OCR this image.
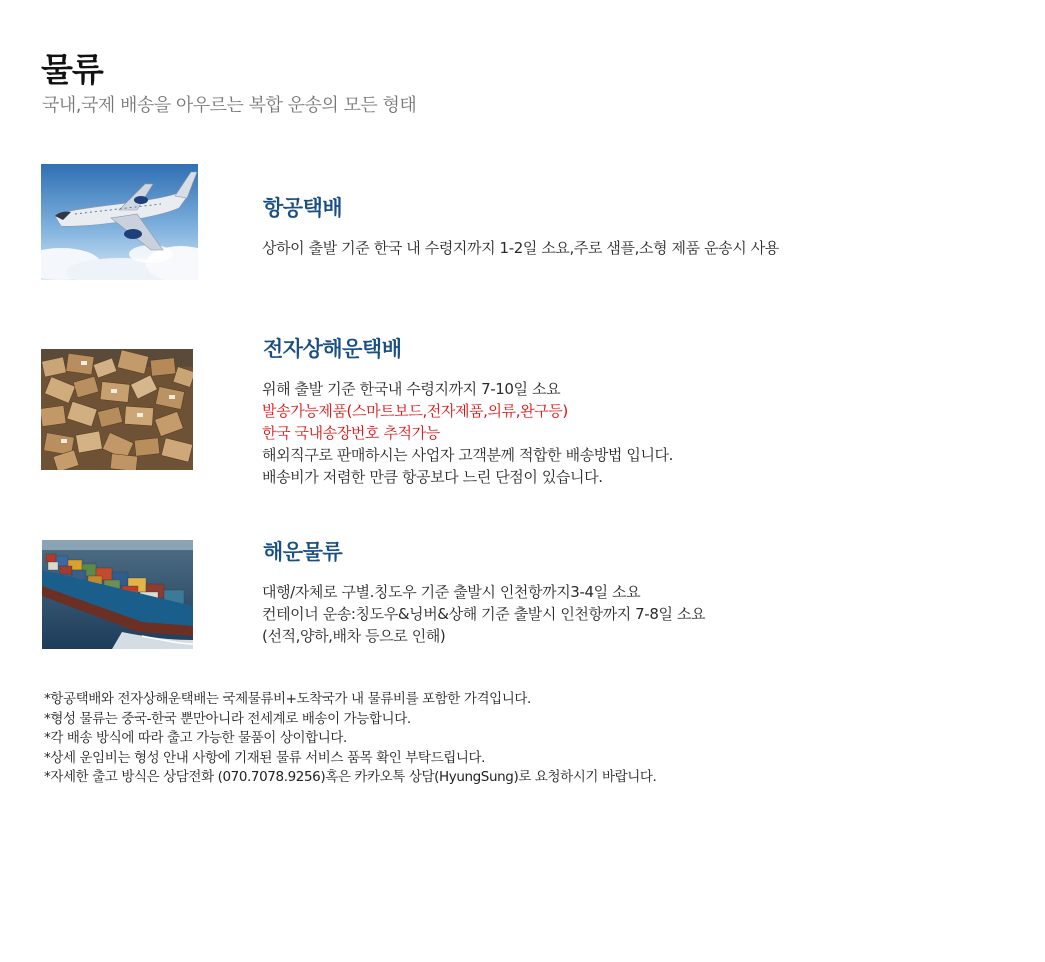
물류
국내,국제 배송을 아우르는 복합 운송의 모든 형태
항공택배
상하이 출발 기준 한국 내 수령지까지 1-2일 소요,주로 샘플,소형 제품 운송시 사용
전자상해운택배
위해 출발 기준 한국내 수령지까지 7-10일 소요
발송가능제품(스마트보드,전자제품,의류,완구등)
한국 국내송장번호 추적가능
해외직구로 판매하시는 사업자 고객분께 적합한 배송방법 입니다.
배송비가 저렴한 만큼 항공보다 느린 단점이 있습니다.
해운물류
대행/자체로 구별.칭도우 기준 출발시 인천항까지3-4일 소요
컨테이너 운송:칭도우&닝버&상해 기준 출발시 인천항까지 7-8일 소요
(선적,양하,배차 등으로 인해)
*항공택배와 전자상해운택배는 국제물류비+도착국가 내 물류비를 포함한 가격입니다.
*형성 물류는 중국-한국 뿐만아니라 전세계로 배송이 가능합니다.
*각 배송 방식에 따라 출고 가능한 물품이 상이합니다.
*상세 운임비는 형성 안내 사항에 기재된 물류 서비스 품목 확인 부탁드립니다.
*자세한 출고 방식은 상담전화 (070.7078.9256)혹은 카카오톡 상담(HyungSung)로 요청하시기 바랍니다.
